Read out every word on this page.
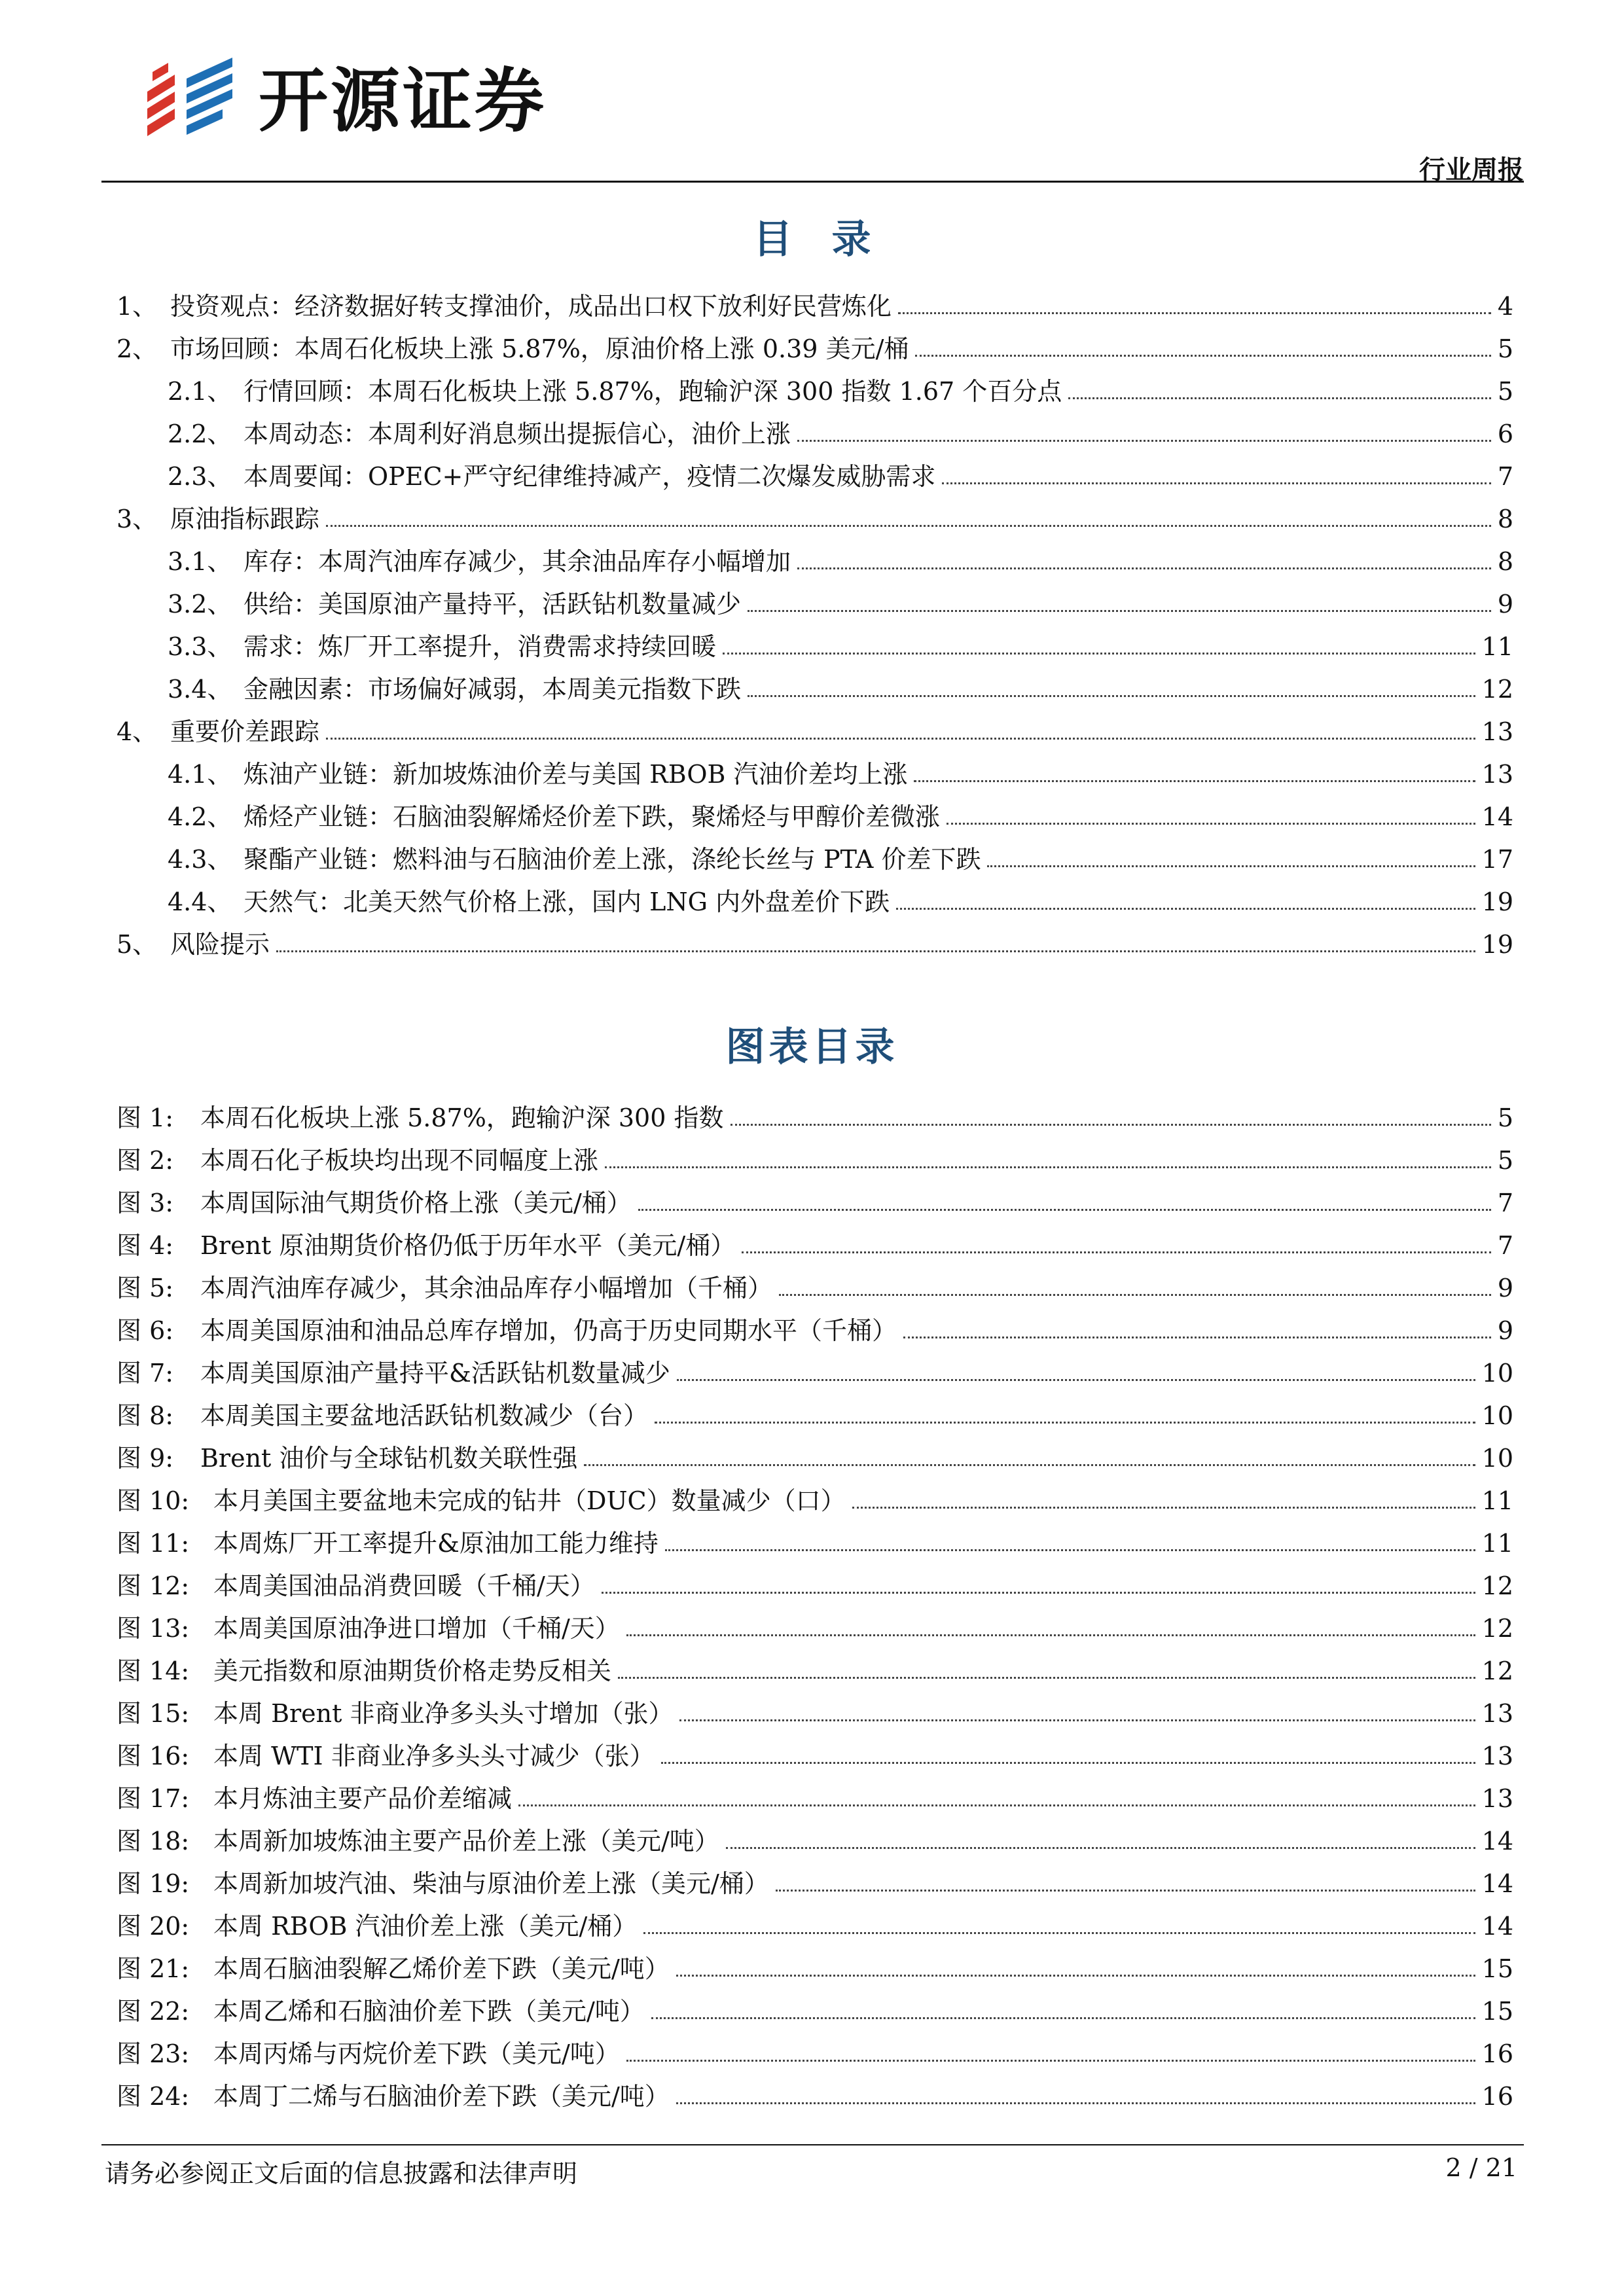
开源证券
行业周报
目录
1、 投资观点：经济数据好转支撑油价，成品出口权下放利好民营炼化	4
2、 市场回顾：本周石化板块上涨 5.87%，原油价格上涨 0.39 美元/桶	5
2.1、 行情回顾：本周石化板块上涨 5.87%，跑输沪深 300 指数 1.67 个百分点	5
2.2、 本周动态：本周利好消息频出提振信心，油价上涨	6
2.3、 本周要闻：OPEC+严守纪律维持减产，疫情二次爆发威胁需求	7
3、 原油指标跟踪	8
3.1、 库存：本周汽油库存减少，其余油品库存小幅增加	8
3.2、 供给：美国原油产量持平，活跃钻机数量减少	9
3.3、 需求：炼厂开工率提升，消费需求持续回暖	11
3.4、 金融因素：市场偏好减弱，本周美元指数下跌	12
4、 重要价差跟踪	13
4.1、 炼油产业链：新加坡炼油价差与美国 RBOB 汽油价差均上涨	13
4.2、 烯烃产业链：石脑油裂解烯烃价差下跌，聚烯烃与甲醇价差微涨	14
4.3、 聚酯产业链：燃料油与石脑油价差上涨，涤纶长丝与 PTA 价差下跌	17
4.4、 天然气：北美天然气价格上涨，国内 LNG 内外盘差价下跌	19
5、 风险提示	19
图表目录
图 1:	本周石化板块上涨 5.87%，跑输沪深 300 指数	5
图 2:	本周石化子板块均出现不同幅度上涨	5
图 3:	本周国际油气期货价格上涨（美元/桶）	7
图 4:	Brent 原油期货价格仍低于历年水平（美元/桶）	7
图 5:	本周汽油库存减少，其余油品库存小幅增加（千桶）	9
图 6:	本周美国原油和油品总库存增加，仍高于历史同期水平（千桶）	9
图 7:	本周美国原油产量持平&活跃钻机数量减少	10
图 8:	本周美国主要盆地活跃钻机数减少（台）	10
图 9:	Brent 油价与全球钻机数关联性强	10
图 10: 本月美国主要盆地未完成的钻井（DUC）数量减少（口）	11
图 11: 本周炼厂开工率提升&原油加工能力维持	11
图 12: 本周美国油品消费回暖（千桶/天）	12
图 13: 本周美国原油净进口增加（千桶/天）	12
图 14: 美元指数和原油期货价格走势反相关	12
图 15: 本周 Brent 非商业净多头头寸增加（张）	13
图 16: 本周 WTI 非商业净多头头寸减少（张）	13
图 17: 本月炼油主要产品价差缩减	13
图 18: 本周新加坡炼油主要产品价差上涨（美元/吨）	14
图 19: 本周新加坡汽油、柴油与原油价差上涨（美元/桶）	14
图 20: 本周 RBOB 汽油价差上涨（美元/桶）	14
图 21: 本周石脑油裂解乙烯价差下跌（美元/吨）	15
图 22: 本周乙烯和石脑油价差下跌（美元/吨）	15
图 23: 本周丙烯与丙烷价差下跌（美元/吨）	16
图 24: 本周丁二烯与石脑油价差下跌（美元/吨）	16
请务必参阅正文后面的信息披露和法律声明	2 / 21
